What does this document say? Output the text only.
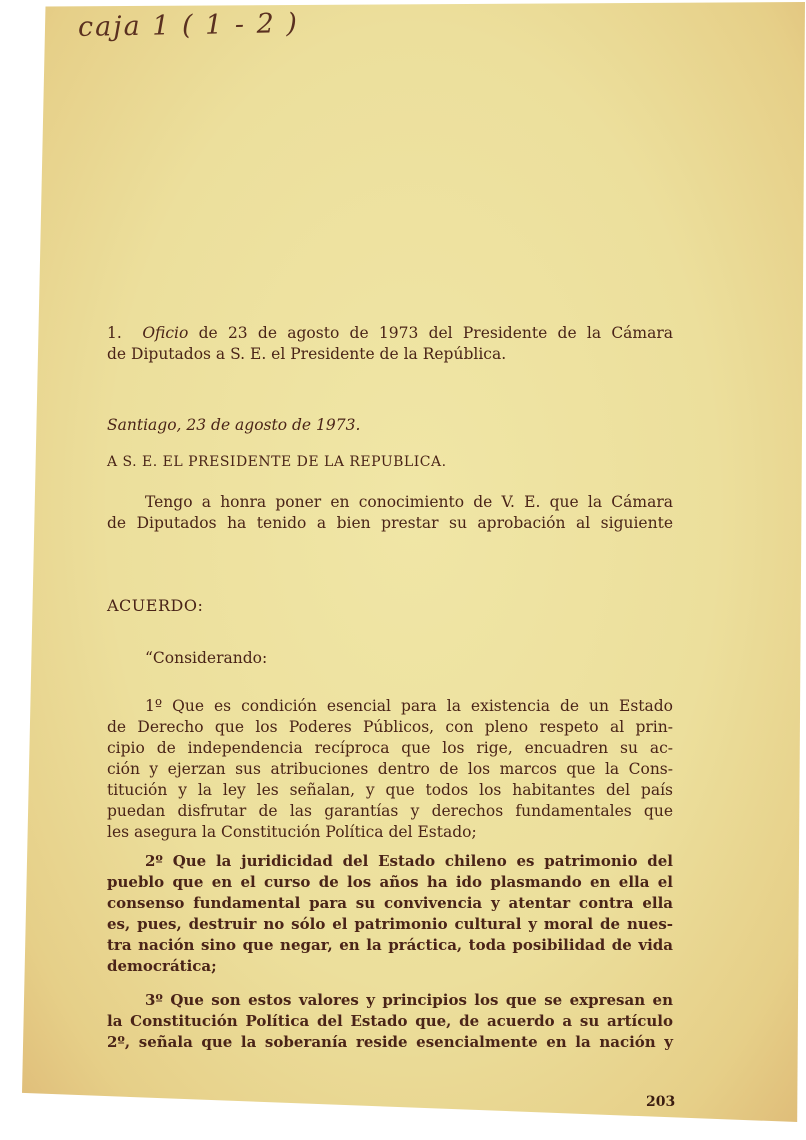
caja 1 ( 1 - 2 )
1. Oficio de 23 de agosto de 1973 del Presidente de la Cámara
de Diputados a S. E. el Presidente de la República.
Santiago, 23 de agosto de 1973.
A S. E. EL PRESIDENTE DE LA REPUBLICA.
Tengo a honra poner en conocimiento de V. E. que la Cámara
de Diputados ha tenido a bien prestar su aprobación al siguiente
ACUERDO:
“Considerando:
1º Que es condición esencial para la existencia de un Estado
de Derecho que los Poderes Públicos, con pleno respeto al prin-
cipio de independencia recíproca que los rige, encuadren su ac-
ción y ejerzan sus atribuciones dentro de los marcos que la Cons-
titución y la ley les señalan, y que todos los habitantes del país
puedan disfrutar de las garantías y derechos fundamentales que
les asegura la Constitución Política del Estado;
2º Que la juridicidad del Estado chileno es patrimonio del
pueblo que en el curso de los años ha ido plasmando en ella el
consenso fundamental para su convivencia y atentar contra ella
es, pues, destruir no sólo el patrimonio cultural y moral de nues-
tra nación sino que negar, en la práctica, toda posibilidad de vida
democrática;
3º Que son estos valores y principios los que se expresan en
la Constitución Política del Estado que, de acuerdo a su artículo
2º, señala que la soberanía reside esencialmente en la nación y
203
